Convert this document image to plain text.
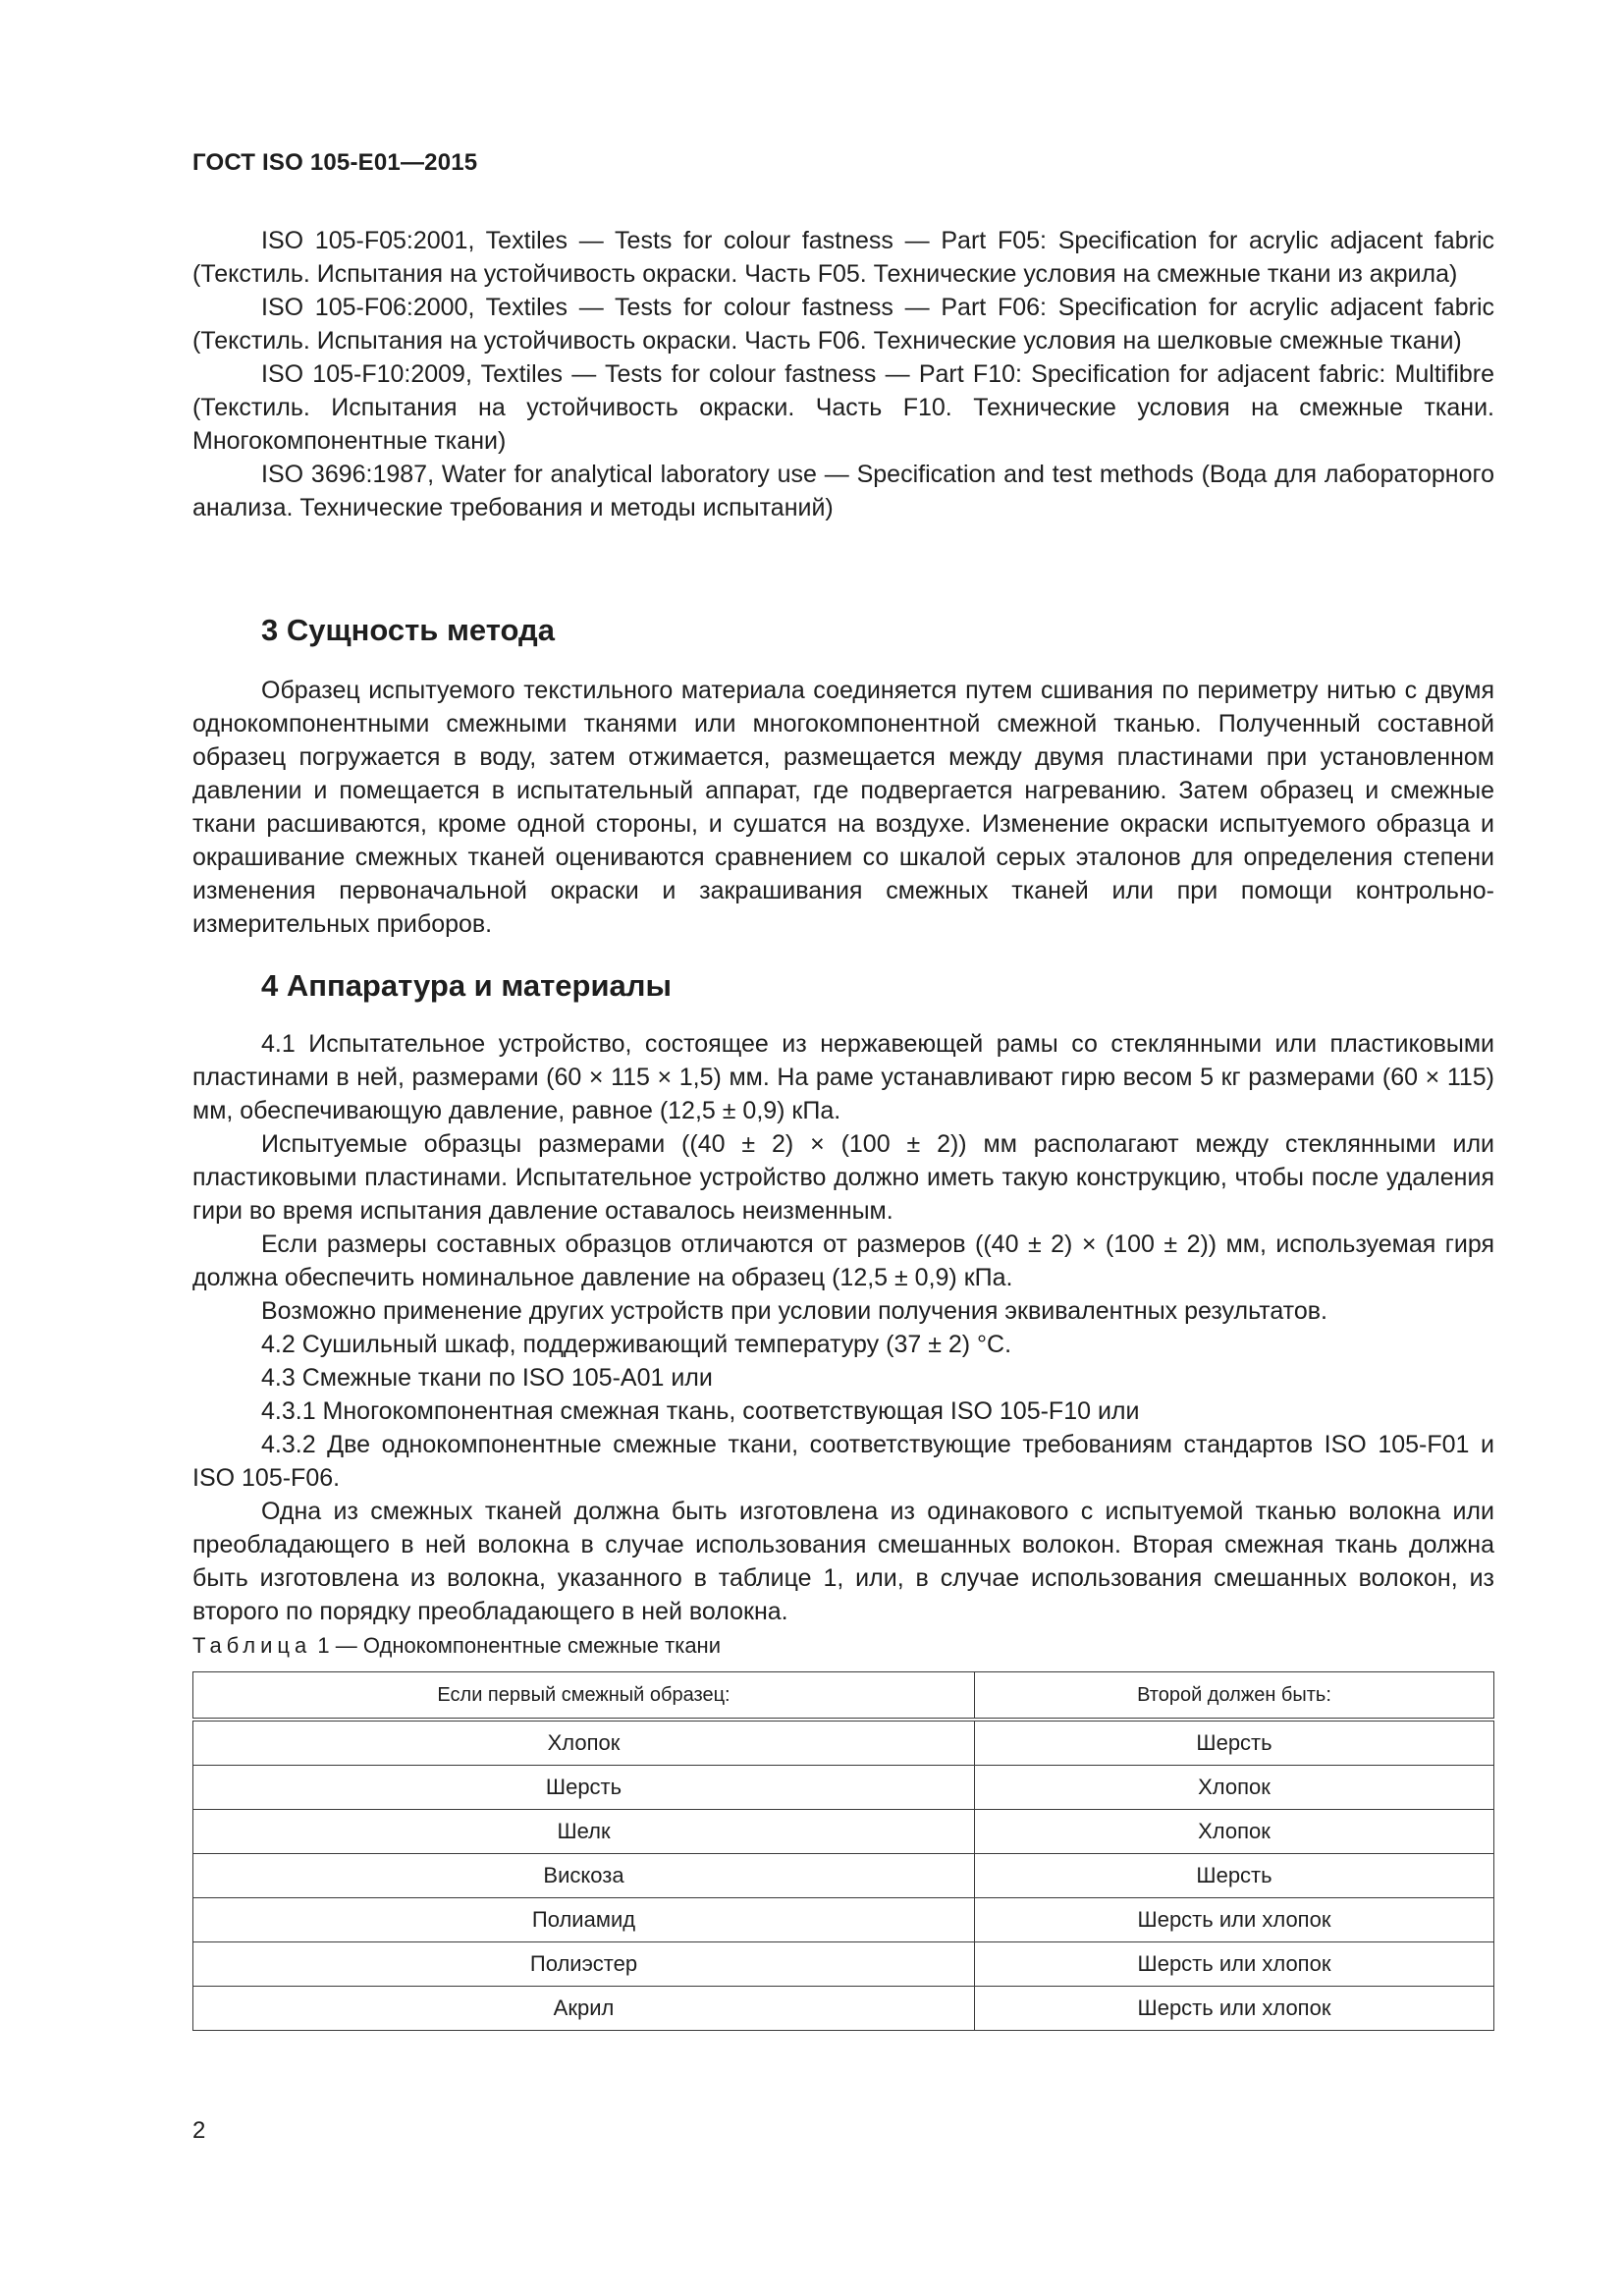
ГОСТ ISO 105-E01—2015

ISO 105-F05:2001, Textiles — Tests for colour fastness — Part F05: Specification for acrylic adjacent fabric (Текстиль. Испытания на устойчивость окраски. Часть F05. Технические условия на смежные ткани из акрила)

ISO 105-F06:2000, Textiles — Tests for colour fastness — Part F06: Specification for acrylic adjacent fabric (Текстиль. Испытания на устойчивость окраски. Часть F06. Технические условия на шелковые смежные ткани)

ISO 105-F10:2009, Textiles — Tests for colour fastness — Part F10: Specification for adjacent fabric: Multifibre (Текстиль. Испытания на устойчивость окраски. Часть F10. Технические условия на смежные ткани. Многокомпонентные ткани)

ISO 3696:1987, Water for analytical laboratory use — Specification and test methods (Вода для лабораторного анализа. Технические требования и методы испытаний)

3 Сущность метода

Образец испытуемого текстильного материала соединяется путем сшивания по периметру нитью с двумя однокомпонентными смежными тканями или многокомпонентной смежной тканью. Полученный составной образец погружается в воду, затем отжимается, размещается между двумя пластинами при установленном давлении и помещается в испытательный аппарат, где подвергается нагреванию. Затем образец и смежные ткани расшиваются, кроме одной стороны, и сушатся на воздухе. Изменение окраски испытуемого образца и окрашивание смежных тканей оцениваются сравнением со шкалой серых эталонов для определения степени изменения первоначальной окраски и закрашивания смежных тканей или при помощи контрольно-измерительных приборов.

4 Аппаратура и материалы

4.1 Испытательное устройство, состоящее из нержавеющей рамы со стеклянными или пластиковыми пластинами в ней, размерами (60 × 115 × 1,5) мм. На раме устанавливают гирю весом 5 кг размерами (60 × 115) мм, обеспечивающую давление, равное (12,5 ± 0,9) кПа.

Испытуемые образцы размерами ((40 ± 2) × (100 ± 2)) мм располагают между стеклянными или пластиковыми пластинами. Испытательное устройство должно иметь такую конструкцию, чтобы после удаления гири во время испытания давление оставалось неизменным.

Если размеры составных образцов отличаются от размеров ((40 ± 2) × (100 ± 2)) мм, используемая гиря должна обеспечить номинальное давление на образец (12,5 ± 0,9) кПа.

Возможно применение других устройств при условии получения эквивалентных результатов.

4.2 Сушильный шкаф, поддерживающий температуру (37 ± 2) °С.

4.3 Смежные ткани по ISO 105-A01 или

4.3.1 Многокомпонентная смежная ткань, соответствующая ISO 105-F10 или

4.3.2 Две однокомпонентные смежные ткани, соответствующие требованиям стандартов ISO 105-F01 и ISO 105-F06.

Одна из смежных тканей должна быть изготовлена из одинакового с испытуемой тканью волокна или преобладающего в ней волокна в случае использования смешанных волокон. Вторая смежная ткань должна быть изготовлена из волокна, указанного в таблице 1, или, в случае использования смешанных волокон, из второго по порядку преобладающего в ней волокна.

Таблица 1 — Однокомпонентные смежные ткани
Если первый смежный образец:	Второй должен быть:
Хлопок	Шерсть
Шерсть	Хлопок
Шелк	Хлопок
Вискоза	Шерсть
Полиамид	Шерсть или хлопок
Полиэстер	Шерсть или хлопок
Акрил	Шерсть или хлопок
2
